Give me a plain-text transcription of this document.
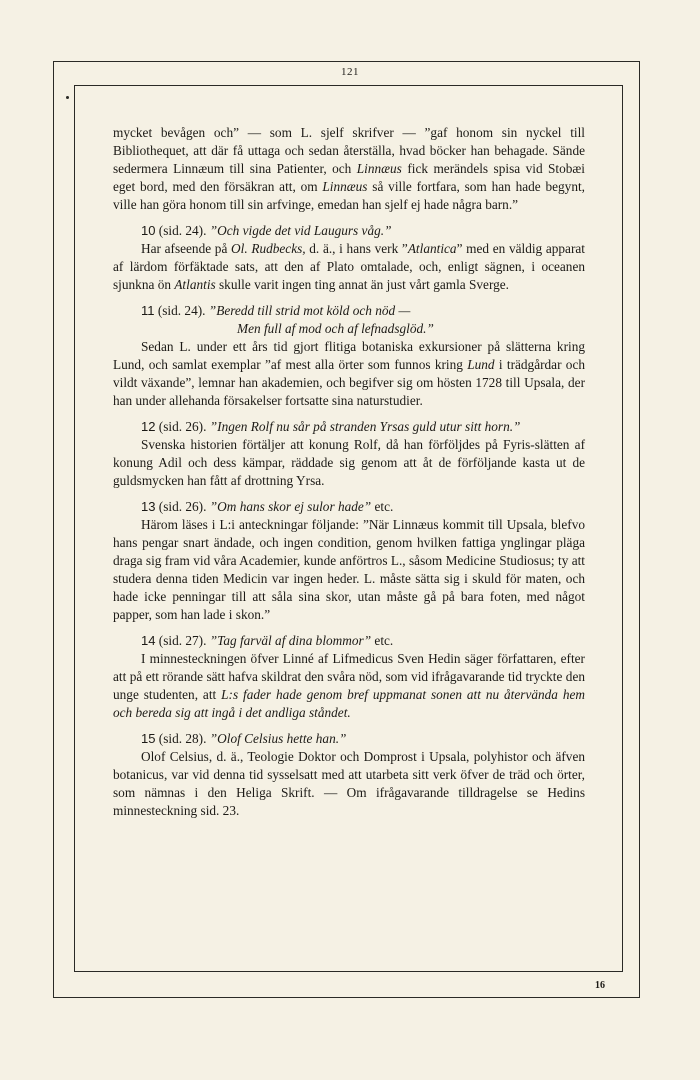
121

mycket bevågen och” — som L. sjelf skrifver — ”gaf honom sin nyckel till Bibliothequet, att där få uttaga och sedan återställa, hvad böcker han behagade. Sände sedermera Linnæum till sina Patienter, och Linnæus fick merändels spisa vid Stobæi eget bord, med den försäkran att, om Linnæus så ville fortfara, som han hade begynt, ville han göra honom till sin arfvinge, emedan han sjelf ej hade några barn.”

10 (sid. 24). ”Och vigde det vid Laugurs våg.”

Har afseende på Ol. Rudbecks, d. ä., i hans verk ”Atlantica” med en väldig apparat af lärdom förfäktade sats, att den af Plato omtalade, och, enligt sägnen, i oceanen sjunkna ön Atlantis skulle varit ingen ting annat än just vårt gamla Sverge.

11 (sid. 24). ”Beredd till strid mot köld och nöd —

Men full af mod och af lefnadsglöd.”

Sedan L. under ett års tid gjort flitiga botaniska exkursioner på slätterna kring Lund, och samlat exemplar ”af mest alla örter som funnos kring Lund i trädgårdar och vildt växande”, lemnar han akademien, och begifver sig om hösten 1728 till Upsala, der han under allehanda försakelser fortsatte sina naturstudier.

12 (sid. 26). ”Ingen Rolf nu sår på stranden Yrsas guld utur sitt horn.”

Svenska historien förtäljer att konung Rolf, då han förföljdes på Fyris-slätten af konung Adil och dess kämpar, räddade sig genom att åt de förföljande kasta ut de guldsmycken han fått af drottning Yrsa.

13 (sid. 26). ”Om hans skor ej sulor hade” etc.

Härom läses i L:i anteckningar följande: ”När Linnæus kommit till Upsala, blefvo hans pengar snart ändade, och ingen condition, genom hvilken fattiga ynglingar pläga draga sig fram vid våra Academier, kunde anförtros L., såsom Medicine Studiosus; ty att studera denna tiden Medicin var ingen heder. L. måste sätta sig i skuld för maten, och hade icke penningar till att såla sina skor, utan måste gå på bara foten, med något papper, som han lade i skon.”

14 (sid. 27). ”Tag farväl af dina blommor” etc.

I minnesteckningen öfver Linné af Lifmedicus Sven Hedin säger författaren, efter att på ett rörande sätt hafva skildrat den svåra nöd, som vid ifrågavarande tid tryckte den unge studenten, att L:s fader hade genom bref uppmanat sonen att nu återvända hem och bereda sig att ingå i det andliga ståndet.

15 (sid. 28). ”Olof Celsius hette han.”

Olof Celsius, d. ä., Teologie Doktor och Domprost i Upsala, polyhistor och äfven botanicus, var vid denna tid sysselsatt med att utarbeta sitt verk öfver de träd och örter, som nämnas i den Heliga Skrift. — Om ifrågavarande tilldragelse se Hedins minnesteckning sid. 23.

16
